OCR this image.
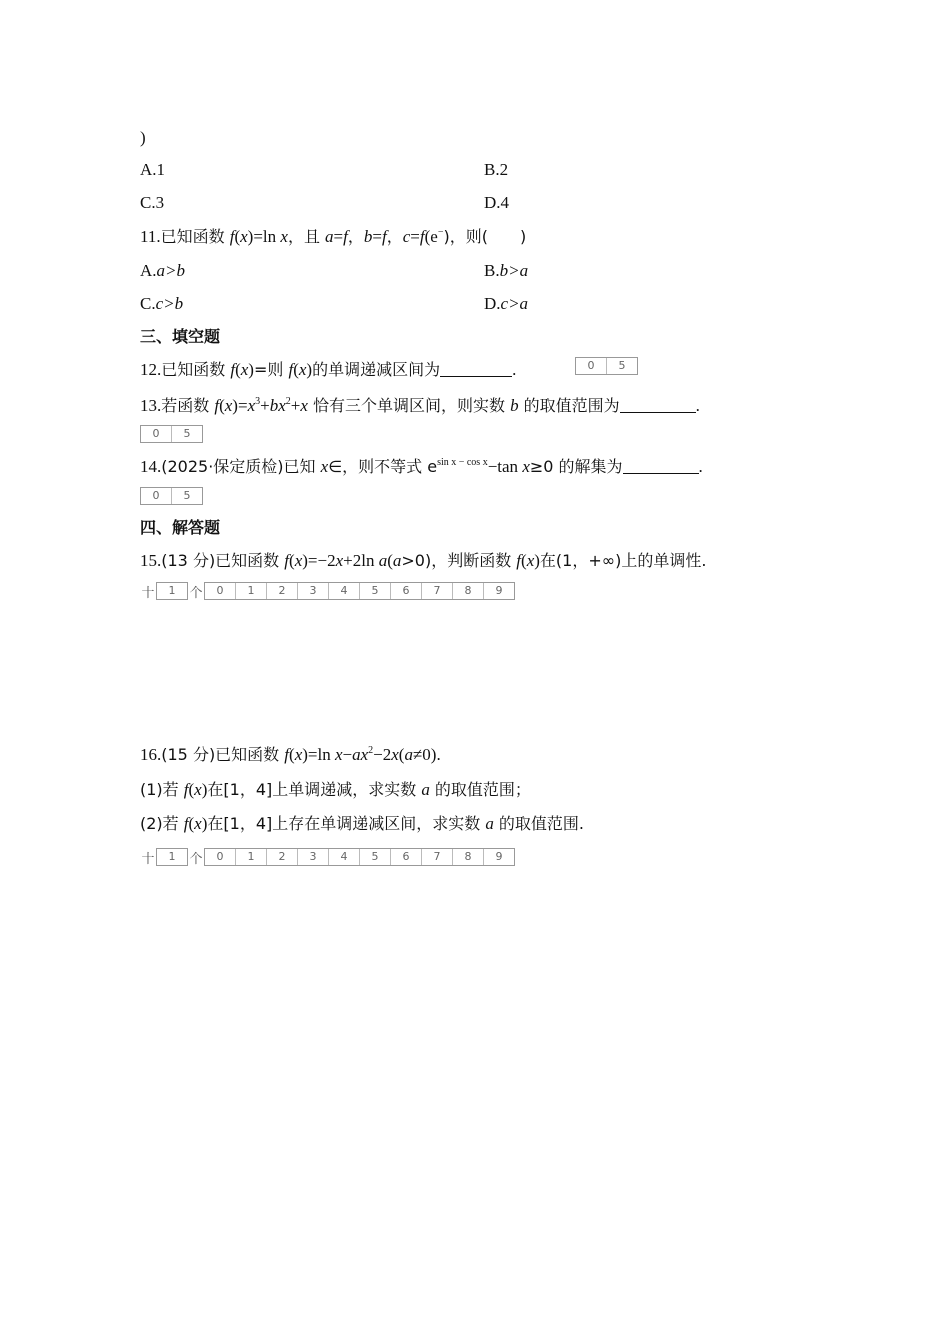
)
A.1	B.2
C.3	D.4
11.已知函数 f(x)=ln x，且 a=f，b=f，c=f(e−)，则(　　)
A.a>b	B.b>a
C.c>b	D.c>a
三、填空题
12.已知函数 f(x)=则 f(x)的单调递减区间为	.	0	5
13.若函数 $f(x)=x^3+bx^2+x$ 恰有三个单调区间，则实数 b 的取值范围为	.
0	5
14.(2025·保定质检)已知 x∈，则不等式 $e^{sin x - cos x}-\tan$ x≥0 的解集为	.
0	5
四、解答题
15.(13 分)已知函数 f(x)=−2x+2ln a(a>0)，判断函数 f(x)在(1，+∞)上的单调性.
十	1	个	0	1	2	3	4	5	6	7	8	9
16.(15 分)已知函数 f(x)=ln $x-ax^2-2x(a\ne 0)$.
(1)若 f(x)在[1，4]上单调递减，求实数 a 的取值范围；
(2)若 f(x)在[1，4]上存在单调递减区间，求实数 a 的取值范围.
十	1	个	0	1	2	3	4	5	6	7	8	9
